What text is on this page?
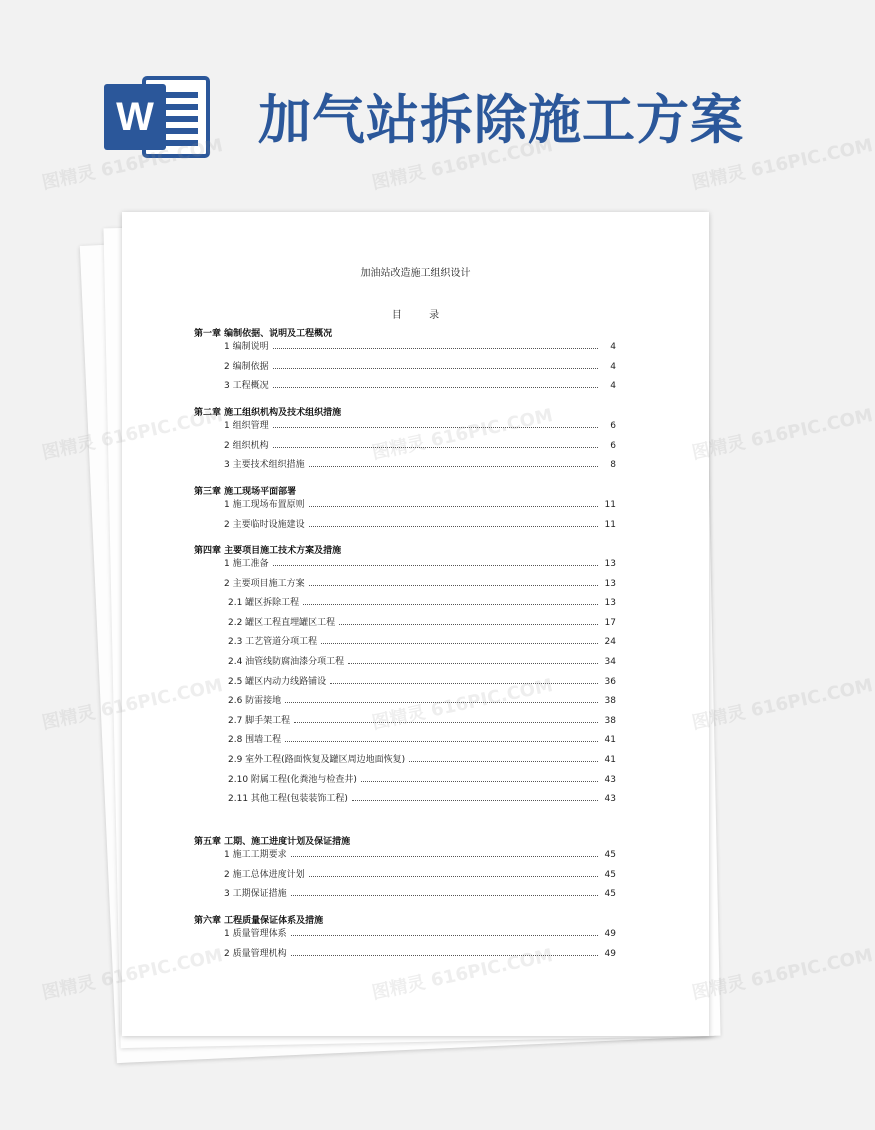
W 加气站拆除施工方案
加油站改造施工组织设计
目 录
第一章 编制依据、说明及工程概况
1 编制说明	4
2 编制依据	4
3 工程概况	4
第二章 施工组织机构及技术组织措施
1 组织管理	6
2 组织机构	6
3 主要技术组织措施	8
第三章 施工现场平面部署
1 施工现场布置原则	11
2 主要临时设施建设	11
第四章 主要项目施工技术方案及措施
1 施工准备	13
2 主要项目施工方案	13
2.1 罐区拆除工程	13
2.2 罐区工程直埋罐区工程	17
2.3 工艺管道分项工程	24
2.4 油管线防腐油漆分项工程	34
2.5 罐区内动力线路铺设	36
2.6 防雷接地	38
2.7 脚手架工程	38
2.8 围墙工程	41
2.9 室外工程(路面恢复及罐区周边地面恢复)	41
2.10 附属工程(化粪池与检查井)	43
2.11 其他工程(包装装饰工程)	43
第五章 工期、施工进度计划及保证措施
1 施工工期要求	45
2 施工总体进度计划	45
3 工期保证措施	45
第六章 工程质量保证体系及措施
1 质量管理体系	49
2 质量管理机构	49
图精灵 616PIC.COM	图精灵 616PIC.COM	图精灵 616PIC.COM
图精灵	图精灵 616PIC.COM
图精灵	图精灵 616PIC.COM
图精灵	图精灵 616PIC.COM
